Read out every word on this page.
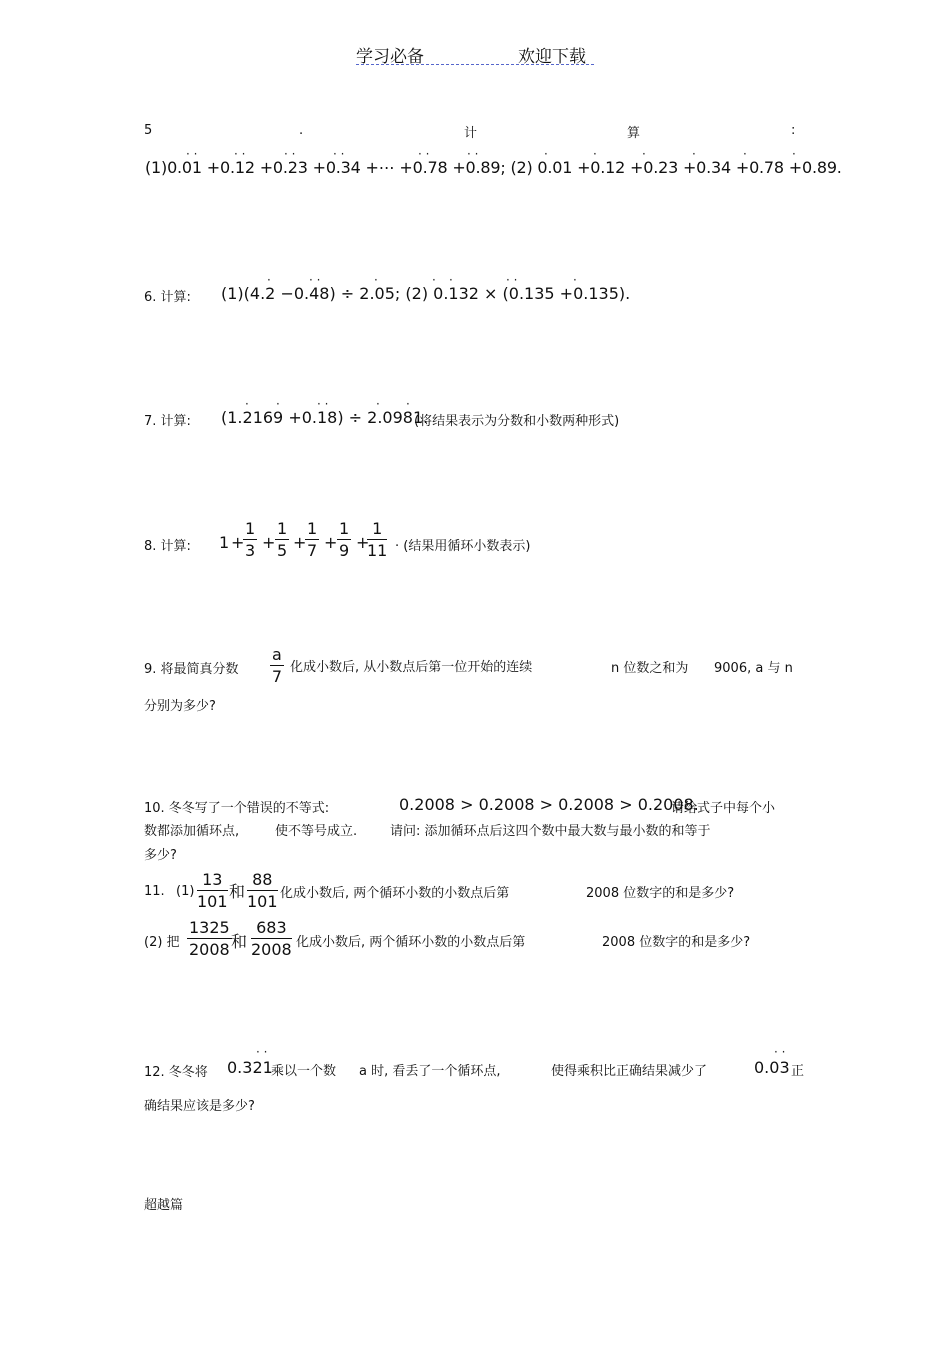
学习必备	欢迎下载
5	.	计	算	:
· ·	· ·	· ·	· ·	· ·	· ·	·	·	·	·	·	·
(1)0.01 +0.12 +0.23 +0.34 +⋯ +0.78 +0.89; (2) 0.01 +0.12 +0.23 +0.34 +0.78 +0.89.
6. 计算:
·	· ·	·	· ·	· ·	·
(1)(4.2 −0.48) ÷ 2.05; (2) 0.132 × (0.135 +0.135).
7. 计算:
· ·	· ·	· ·
(1.2169 +0.18) ÷ 2.0981.
(将结果表示为分数和小数两种形式)
8. 计算: 1 +
$\frac{1}{3} + \frac{1}{5}$ +
$\frac{1}{7} + \frac{1}{9}$ +
$\frac{1}{11}$ · (结果用循环小数表示)
9. 将最简真分数 $\frac{a}{7}$ 化成小数后, 从小数点后第一位开始的连续	n 位数之和为 9006, a 与 n
分别为多少?
10. 冬冬写了一个错误的不等式:	0.2008 > 0.2008 > 0.2008 > 0.2008.
请给式子中每个小
数都添加循环点,	使不等号成立.	请问: 添加循环点后这四个数中最大数与最小数的和等于
多少?
11. $(1) \frac{13}{101}$ 和 $\frac{88}{101}$ 化成小数后, 两个循环小数的小数点后第	2008 位数字的和是多少?
(2) 把 $\frac{1325}{2008}$ 和 $\frac{683}{2008}$ 化成小数后, 两个循环小数的小数点后第	2008 位数字的和是多少?
12. 冬冬将
· ·
0.321
乘以一个数 a 时, 看丢了一个循环点,	使得乘积比正确结果减少了
· ·
0.03 正
确结果应该是多少?
超越篇
